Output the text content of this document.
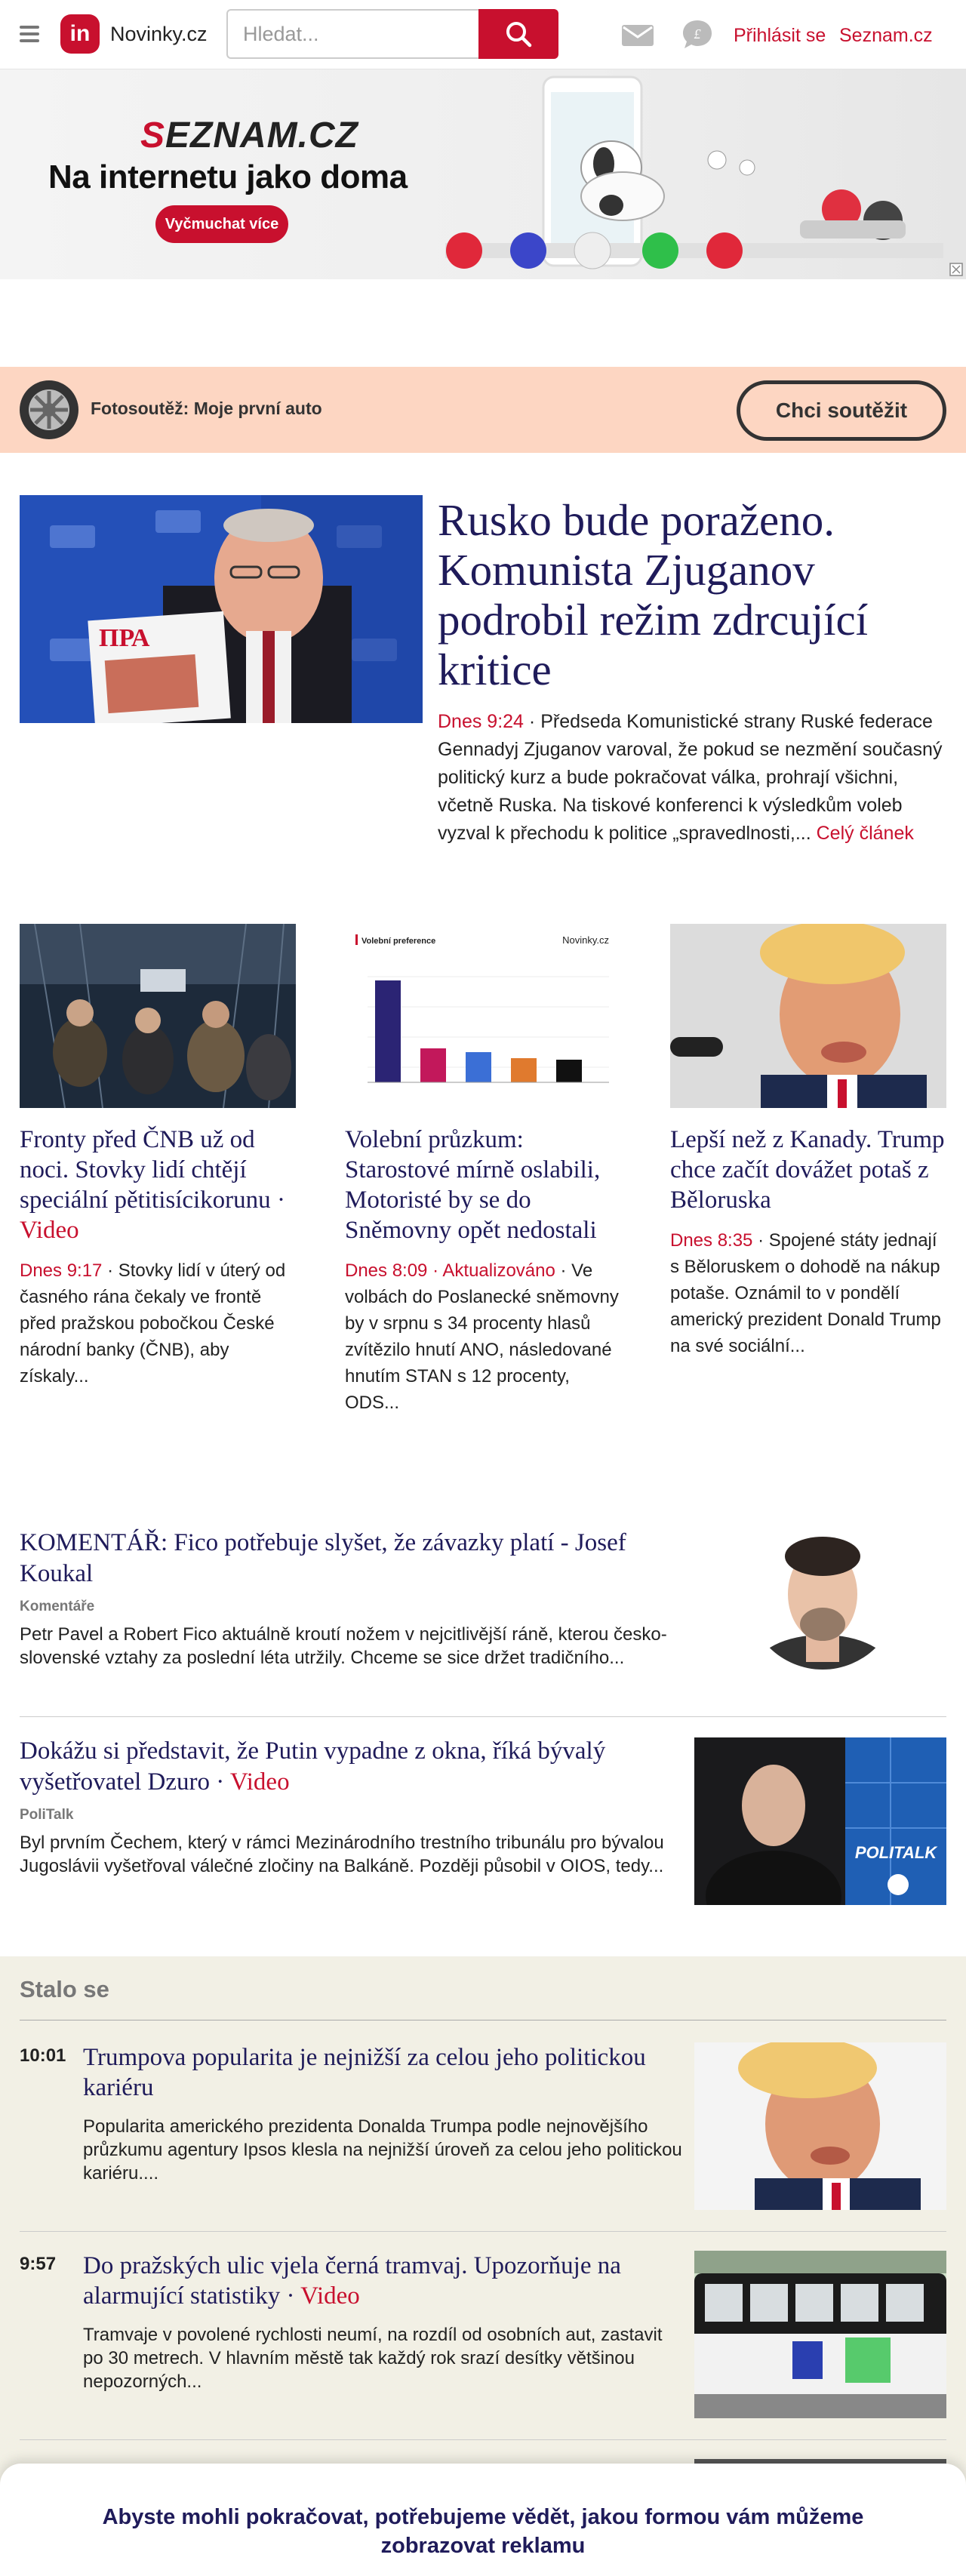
in Novinky.cz
Hledat...	£ Přihlásit se Seznam.cz
SEZNAM.CZ
Na internetu jako doma
Vyčmuchat více
Fotosoutěž: Moje první auto	Chci soutěžit
ПРА
Rusko bude poraženo. Komunista Zjuganov podrobil režim zdrcující kritice
Dnes 9:24 · Předseda Komunistické strany Ruské federace Gennadyj Zjuganov varoval, že pokud se nezmění současný politický kurz a bude pokračovat válka, prohrají všichni, včetně Ruska. Na tiskové konferenci k výsledkům voleb vyzval k přechodu k politice „spravedlnosti,... Celý článek
Fronty před ČNB už od noci. Stovky lidí chtějí speciální pětitisícikorunu · Video
Dnes 9:17 · Stovky lidí v úterý od časného rána čekaly ve frontě před pražskou pobočkou České národní banky (ČNB), aby získaly...
Volební preference	Novinky.cz
Volební průzkum: Starostové mírně oslabili, Motoristé by se do Sněmovny opět nedostali
Dnes 8:09 · Aktualizováno · Ve volbách do Poslanecké sněmovny by v srpnu s 34 procenty hlasů zvítězilo hnutí ANO, následované hnutím STAN s 12 procenty, ODS...
Lepší než z Kanady. Trump chce začít dovážet potaš z Běloruska
Dnes 8:35 · Spojené státy jednají s Běloruskem o dohodě na nákup potaše. Oznámil to v pondělí americký prezident Donald Trump na své sociální...
KOMENTÁŘ: Fico potřebuje slyšet, že závazky platí - Josef Koukal
Komentáře
Petr Pavel a Robert Fico aktuálně kroutí nožem v nejcitlivější ráně, kterou česko-slovenské vztahy za poslední léta utržily. Chceme se sice držet tradičního...
Dokážu si představit, že Putin vypadne z okna, říká bývalý vyšetřovatel Dzuro · Video
PoliTalk
Byl prvním Čechem, který v rámci Mezinárodního trestního tribunálu pro bývalou Jugoslávii vyšetřoval válečné zločiny na Balkáně. Později působil v OIOS, tedy...
POLITALK
Stalo se
10:01 Trumpova popularita je nejnižší za celou jeho politickou kariéru
Popularita amerického prezidenta Donalda Trumpa podle nejnovějšího průzkumu agentury Ipsos klesla na nejnižší úroveň za celou jeho politickou kariéru....
9:57 Do pražských ulic vjela černá tramvaj. Upozorňuje na alarmující statistiky · Video
Tramvaje v povolené rychlosti neumí, na rozdíl od osobních aut, zastavit po 30 metrech. V hlavním městě tak každý rok srazí desítky většinou nepozorných...
Abyste mohli pokračovat, potřebujeme vědět, jakou formou vám můžeme zobrazovat reklamu
